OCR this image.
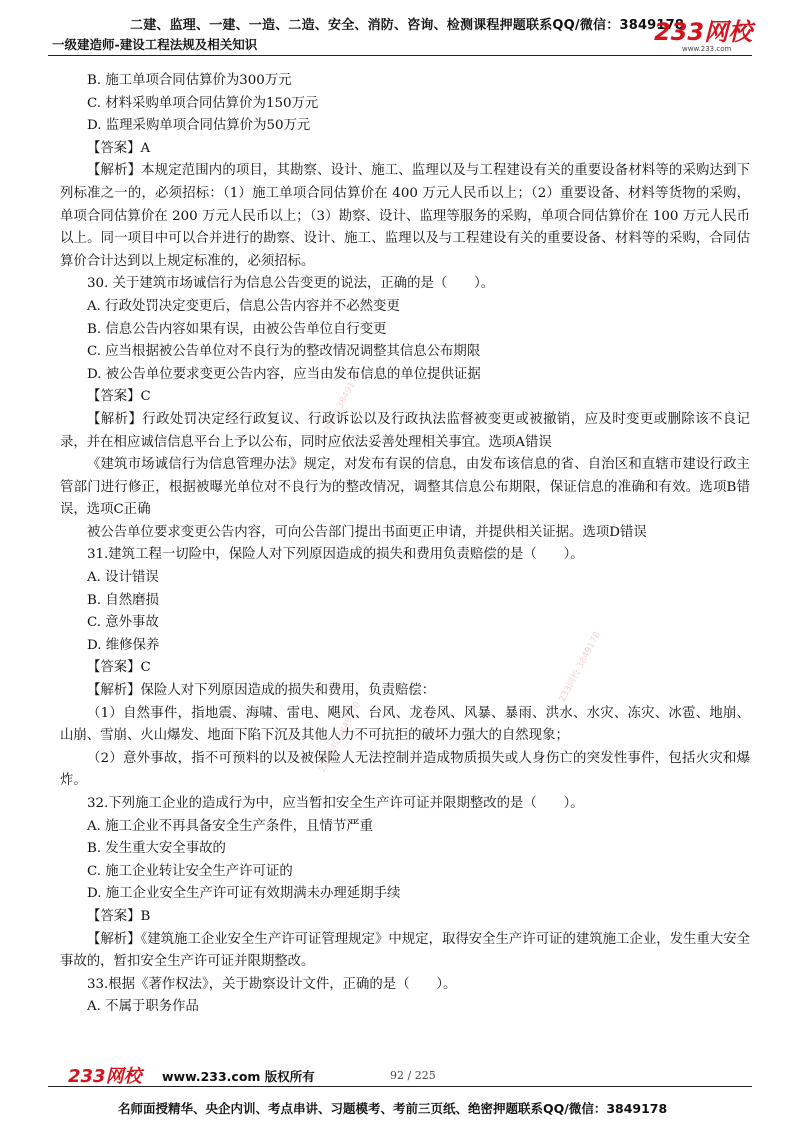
二建、监理、一建、一造、二造、安全、消防、咨询、检测课程押题联系QQ/微信：3849178
一级建造师-建设工程法规及相关知识	233网校
www.233.com
233网校 3849178
233网校 3849178
233网校 3849178

B. 施工单项合同估算价为300万元

C. 材料采购单项合同估算价为150万元

D. 监理采购单项合同估算价为50万元

【答案】A

【解析】本规定范围内的项目，其勘察、设计、施工、监理以及与工程建设有关的重要设备材料等的采购达到下列标准之一的，必须招标：（1）施工单项合同估算价在 400 万元人民币以上；（2）重要设备、材料等货物的采购，单项合同估算价在 200 万元人民币以上；（3）勘察、设计、监理等服务的采购，单项合同估算价在 100 万元人民币以上。同一项目中可以合并进行的勘察、设计、施工、监理以及与工程建设有关的重要设备、材料等的采购，合同估算价合计达到以上规定标准的，必须招标。

30. 关于建筑市场诚信行为信息公告变更的说法，正确的是（　　）。

A. 行政处罚决定变更后，信息公告内容并不必然变更

B. 信息公告内容如果有误，由被公告单位自行变更

C. 应当根据被公告单位对不良行为的整改情况调整其信息公布期限

D. 被公告单位要求变更公告内容，应当由发布信息的单位提供证据

【答案】C

【解析】行政处罚决定经行政复议、行政诉讼以及行政执法监督被变更或被撤销，应及时变更或删除该不良记录，并在相应诚信信息平台上予以公布，同时应依法妥善处理相关事宜。选项A错误

《建筑市场诚信行为信息管理办法》规定，对发布有误的信息，由发布该信息的省、自治区和直辖市建设行政主管部门进行修正，根据被曝光单位对不良行为的整改情况，调整其信息公布期限，保证信息的准确和有效。选项B错误，选项C正确

被公告单位要求变更公告内容，可向公告部门提出书面更正申请，并提供相关证据。选项D错误

31.建筑工程一切险中，保险人对下列原因造成的损失和费用负责赔偿的是（　　）。

A. 设计错误

B. 自然磨损

C. 意外事故

D. 维修保养

【答案】C

【解析】保险人对下列原因造成的损失和费用，负责赔偿：

（1）自然事件，指地震、海啸、雷电、飓风、台风、龙卷风、风暴、暴雨、洪水、水灾、冻灾、冰雹、地崩、山崩、雪崩、火山爆发、地面下陷下沉及其他人力不可抗拒的破坏力强大的自然现象；

（2）意外事故，指不可预料的以及被保险人无法控制并造成物质损失或人身伤亡的突发性事件，包括火灾和爆炸。

32.下列施工企业的造成行为中，应当暂扣安全生产许可证并限期整改的是（　　）。

A. 施工企业不再具备安全生产条件，且情节严重

B. 发生重大安全事故的

C. 施工企业转让安全生产许可证的

D. 施工企业安全生产许可证有效期满未办理延期手续

【答案】B

【解析】《建筑施工企业安全生产许可证管理规定》中规定，取得安全生产许可证的建筑施工企业，发生重大安全事故的，暂扣安全生产许可证并限期整改。

33.根据《著作权法》，关于勘察设计文件，正确的是（　　）。

A. 不属于职务作品

233网校 www.233.com 版权所有	92 / 225
名师面授精华、央企内训、考点串讲、习题模考、考前三页纸、绝密押题联系QQ/微信：3849178
